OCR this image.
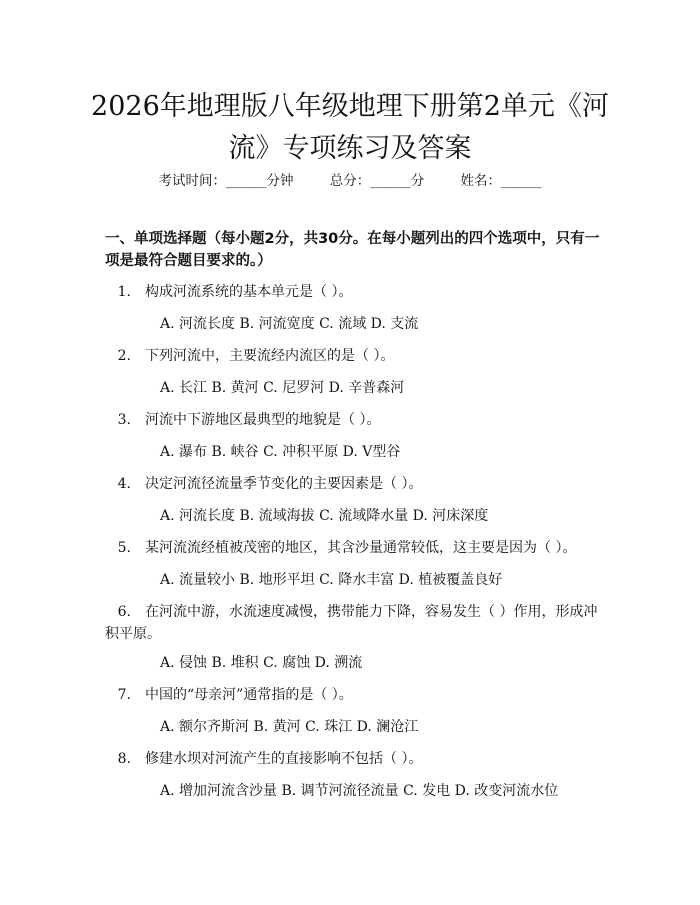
2026年地理版八年级地理下册第2单元《河
流》专项练习及答案
考试时间：______分钟	总分：______分	姓名：______
一、单项选择题（每小题2分，共30分。在每小题列出的四个选项中，只有一项是最符合题目要求的。）
1. 构成河流系统的基本单元是（ ）。
A. 河流长度 B. 河流宽度 C. 流域 D. 支流
2. 下列河流中，主要流经内流区的是（ ）。
A. 长江 B. 黄河 C. 尼罗河 D. 辛普森河
3. 河流中下游地区最典型的地貌是（ ）。
A. 瀑布 B. 峡谷 C. 冲积平原 D. V型谷
4. 决定河流径流量季节变化的主要因素是（ ）。
A. 河流长度 B. 流域海拔 C. 流域降水量 D. 河床深度
5. 某河流流经植被茂密的地区，其含沙量通常较低，这主要是因为（ ）。
A. 流量较小 B. 地形平坦 C. 降水丰富 D. 植被覆盖良好
6. 在河流中游，水流速度减慢，携带能力下降，容易发生（ ）作用，形成冲积平原。
A. 侵蚀 B. 堆积 C. 腐蚀 D. 溯流
7. 中国的“母亲河”通常指的是（ ）。
A. 额尔齐斯河 B. 黄河 C. 珠江 D. 澜沧江
8. 修建水坝对河流产生的直接影响不包括（ ）。
A. 增加河流含沙量 B. 调节河流径流量 C. 发电 D. 改变河流水位
